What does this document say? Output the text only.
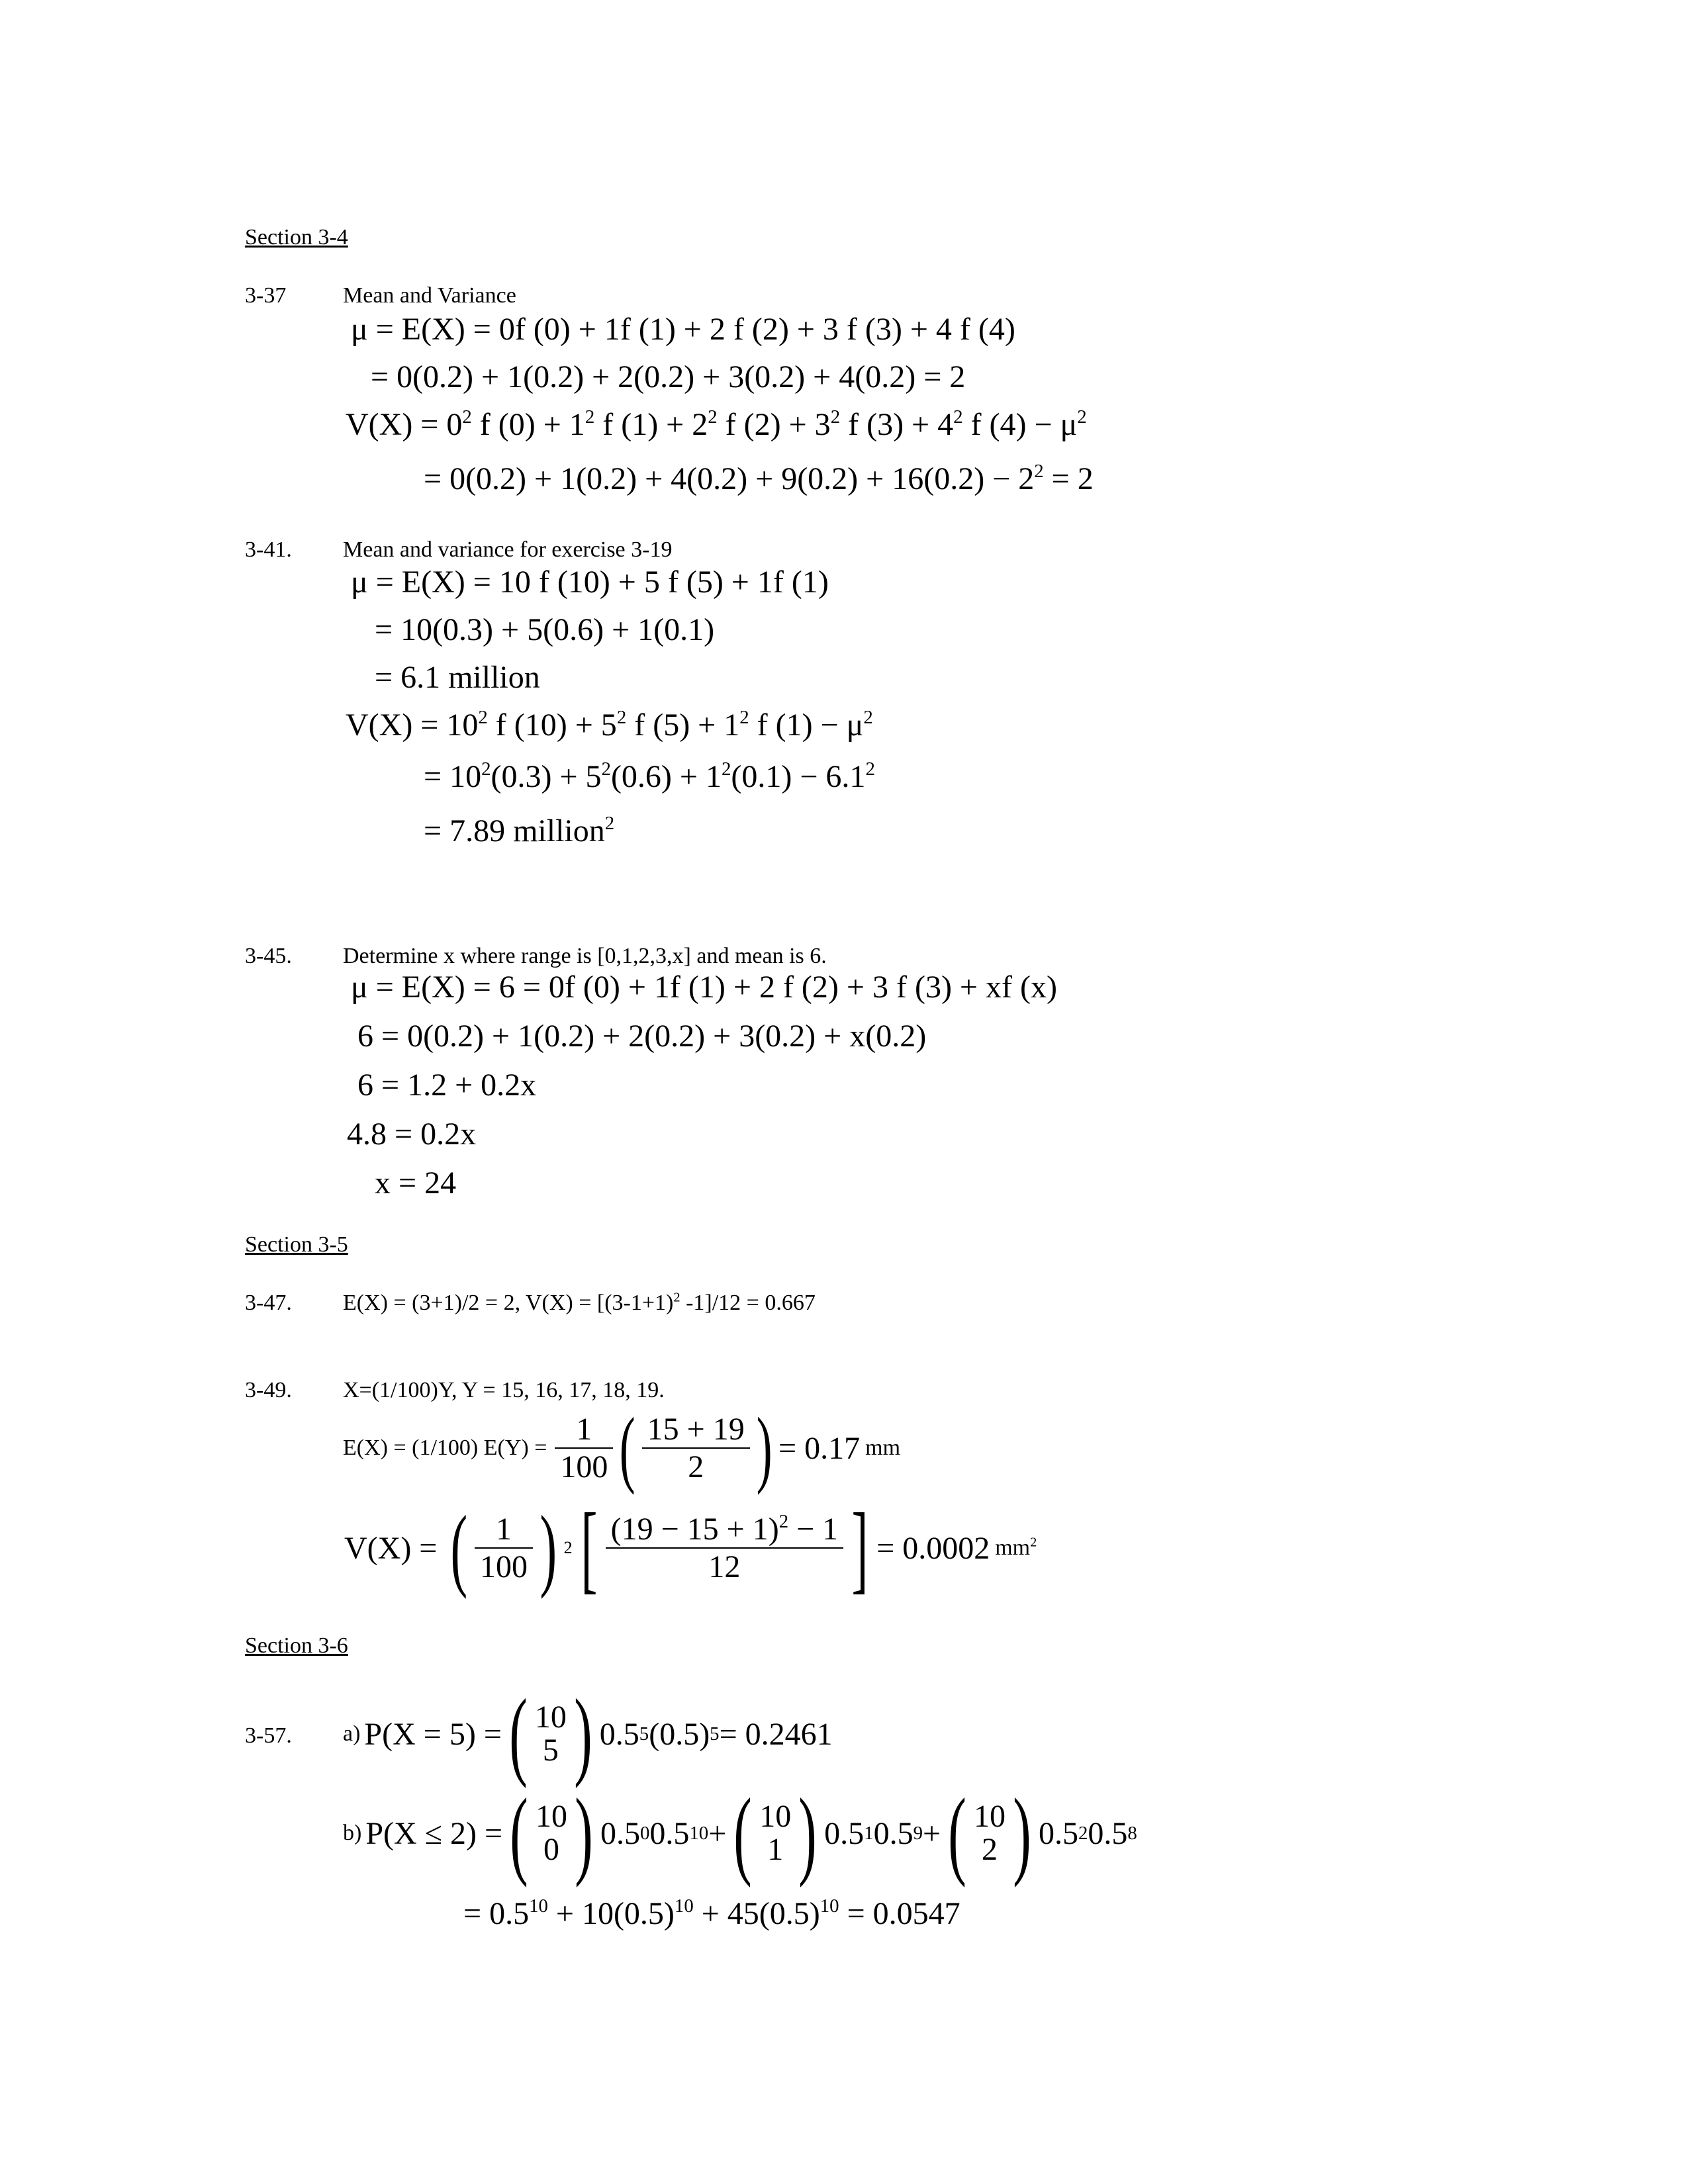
Section 3-4
3-37	Mean and Variance
μ = E(X) = 0f (0) + 1f (1) + 2 f (2) + 3 f (3) + 4 f (4)
= 0(0.2) + 1(0.2) + 2(0.2) + 3(0.2) + 4(0.2) = 2
$V(X) = 0^2$ f $(0) + 1^2$ f $(1) + 2^2$ f $(2) + 3^2$ f $(3) + 4^2$ f $(4) - \mu^2$
= $0(0.2) + 1(0.2) + 4(0.2) + 9(0.2) + 16(0.2) - 2^2 = 2$
3-41. Mean and variance for exercise 3-19
μ = E(X) = 10 f (10) + 5 f (5) + 1f (1)
= 10(0.3) + 5(0.6) + 1(0.1)
= 6.1 million
$V(X) = 10^2$ f $(10) + 5^2$ f $(5) + 1^2$ f $(1) - \mu^2$
= $10^2(0.3) + 5^2(0.6) + 1^2(0.1) - 6.1^2$
= 7.89 million$^2$
3-45. Determine x where range is [0,1,2,3,x] and mean is 6.
μ = E(X) = 6 = 0f (0) + 1f (1) + 2 f (2) + 3 f (3) + xf (x)
6 = 0(0.2) + 1(0.2) + 2(0.2) + 3(0.2) + x(0.2)
6 = 1.2 + 0.2x
4.8 = 0.2x
x = 24
Section 3-5
3-47. E(X) = (3+1)/2 = 2, $V(X) = [(3-1+1)^2$ -1]/12 = 0.667
3-49. X=(1/100)Y, Y = 15, 16, 17, 18, 19.
E(X) = (1/100) $E(Y) = \frac{1}{100}$ ( $\frac{15 + 19}{2}$ ) = 0.17 mm
V(X) = ( $\frac{1}{100}$ ) 2 [ $\frac{(19 - 15 + 1)^2 - 1}{12}$ ] = 0.0002 $mm^2$
Section 3-6
3-57. a) P(X = 5) = ( 10
5 ) 0.5 5 (0.5) 5 = 0.2461
b) P(X ≤ 2) = ( 10
0 ) 0.5 0 0.5 10 + ( 10
1 ) 0.5 1 0.5 9 + ( 10
2 ) 0.5 2 0.5 8
= $0.5^{10} + 10(0.5)^{10} + 45(0.5)^{10} = 0.0547$
